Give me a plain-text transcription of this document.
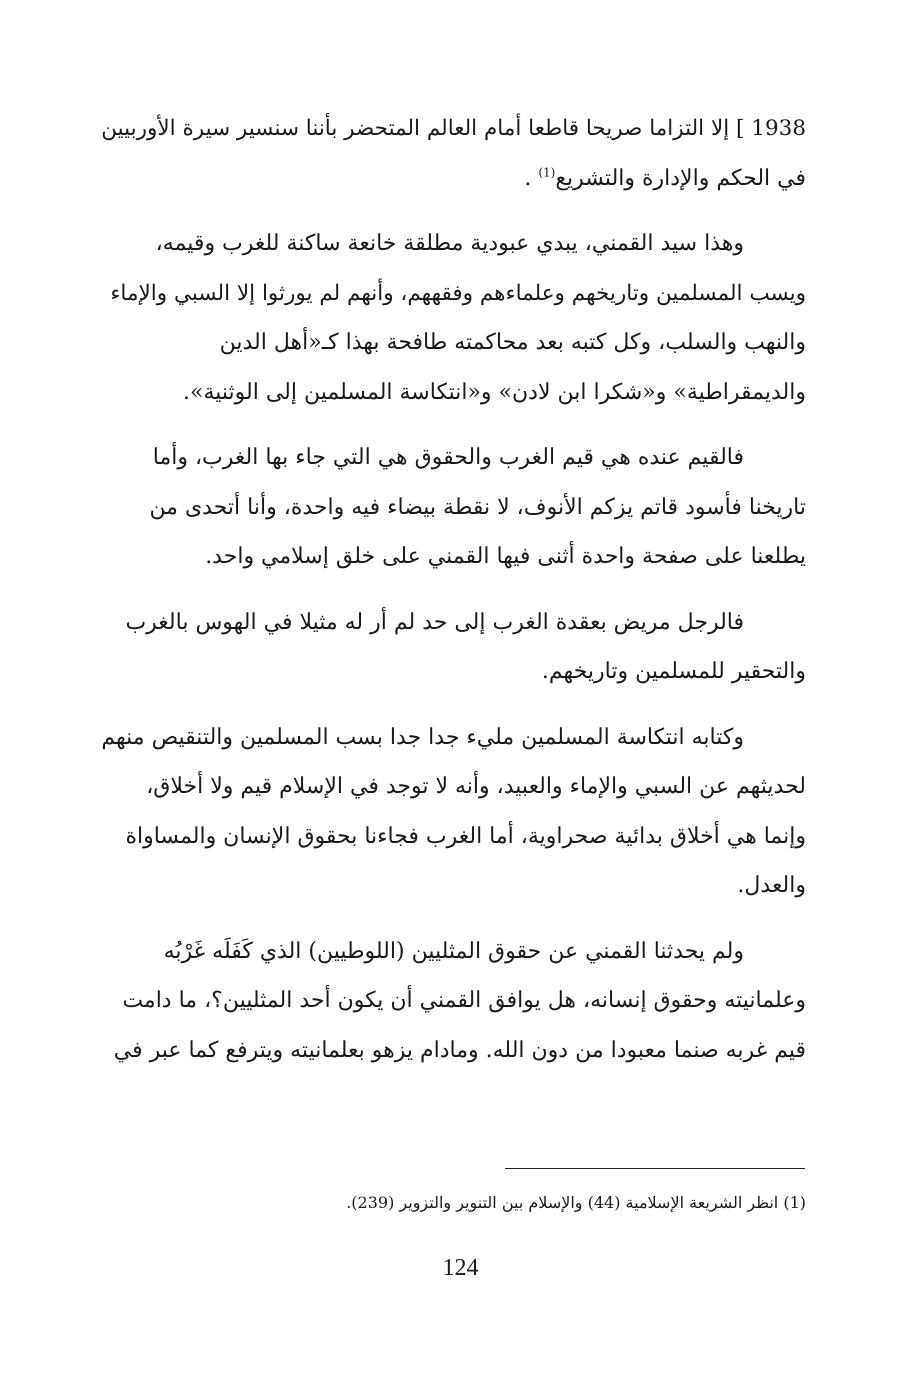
1938 ] إلا التزاما صريحا قاطعا أمام العالم المتحضر بأننا سنسير سيرة الأوربيين
في الحكم والإدارة والتشريع$^{(1)}$ .

وهذا سيد القمني، يبدي عبودية مطلقة خانعة ساكنة للغرب وقيمه،
ويسب المسلمين وتاريخهم وعلماءهم وفقههم، وأنهم لم يورثوا إلا السبي والإماء
والنهب والسلب، وكل كتبه بعد محاكمته طافحة بهذا كـ«أهل الدين
والديمقراطية» و«شكرا ابن لادن» و«انتكاسة المسلمين إلى الوثنية».

فالقيم عنده هي قيم الغرب والحقوق هي التي جاء بها الغرب، وأما
تاريخنا فأسود قاتم يزكم الأنوف، لا نقطة بيضاء فيه واحدة، وأنا أتحدى من
يطلعنا على صفحة واحدة أثنى فيها القمني على خلق إسلامي واحد.

فالرجل مريض بعقدة الغرب إلى حد لم أر له مثيلا في الهوس بالغرب
والتحقير للمسلمين وتاريخهم.

وكتابه انتكاسة المسلمين مليء جدا جدا بسب المسلمين والتنقيص منهم
لحديثهم عن السبي والإماء والعبيد، وأنه لا توجد في الإسلام قيم ولا أخلاق،
وإنما هي أخلاق بدائية صحراوية، أما الغرب فجاءنا بحقوق الإنسان والمساواة
والعدل.

ولم يحدثنا القمني عن حقوق المثليين (اللوطيين) الذي كَفَلَه غَرْبُه
وعلمانيته وحقوق إنسانه، هل يوافق القمني أن يكون أحد المثليين؟، ما دامت
قيم غربه صنما معبودا من دون الله. ومادام يزهو بعلمانيته ويترفع كما عبر في

(1) انظر الشريعة الإسلامية (44) والإسلام بين التنوير والتزوير (239).
124
